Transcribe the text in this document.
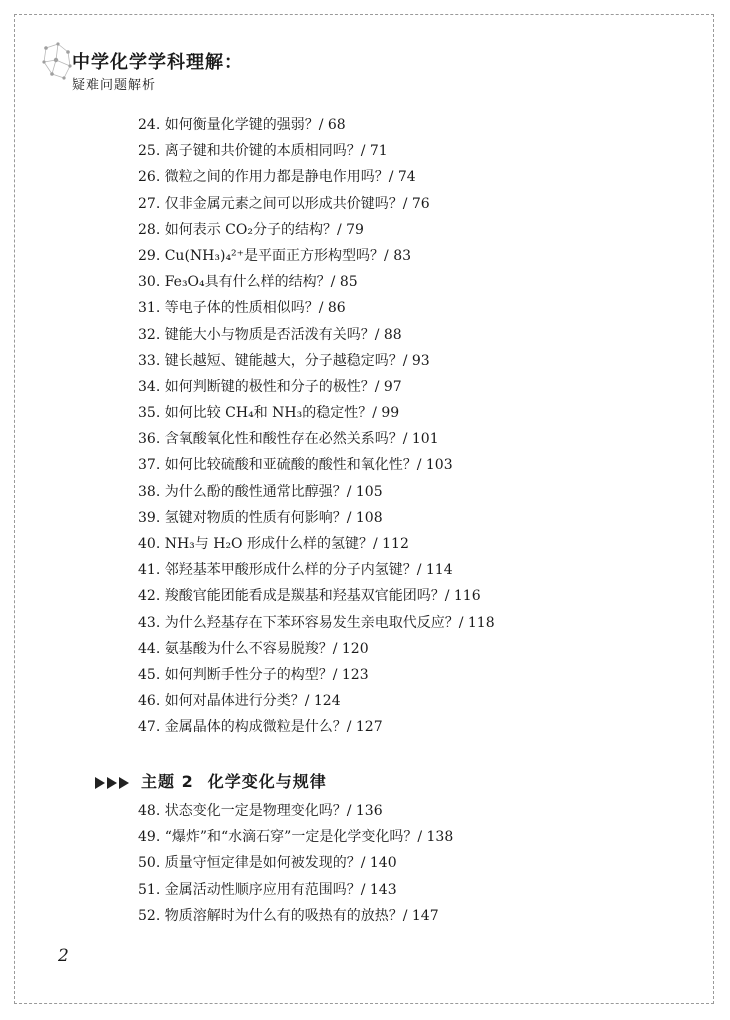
中学化学学科理解：
疑难问题解析
24. 如何衡量化学键的强弱？/ 68
25. 离子键和共价键的本质相同吗？/ 71
26. 微粒之间的作用力都是静电作用吗？/ 74
27. 仅非金属元素之间可以形成共价键吗？/ 76
28. 如何表示 CO₂分子的结构？/ 79
29. Cu(NH₃)₄²⁺是平面正方形构型吗？/ 83
30. Fe₃O₄具有什么样的结构？/ 85
31. 等电子体的性质相似吗？/ 86
32. 键能大小与物质是否活泼有关吗？/ 88
33. 键长越短、键能越大，分子越稳定吗？/ 93
34. 如何判断键的极性和分子的极性？/ 97
35. 如何比较 CH₄和 NH₃的稳定性？/ 99
36. 含氧酸氧化性和酸性存在必然关系吗？/ 101
37. 如何比较硫酸和亚硫酸的酸性和氧化性？/ 103
38. 为什么酚的酸性通常比醇强？/ 105
39. 氢键对物质的性质有何影响？/ 108
40. NH₃与 H₂O 形成什么样的氢键？/ 112
41. 邻羟基苯甲酸形成什么样的分子内氢键？/ 114
42. 羧酸官能团能看成是羰基和羟基双官能团吗？/ 116
43. 为什么羟基存在下苯环容易发生亲电取代反应？/ 118
44. 氨基酸为什么不容易脱羧？/ 120
45. 如何判断手性分子的构型？/ 123
46. 如何对晶体进行分类？/ 124
47. 金属晶体的构成微粒是什么？/ 127
主题 2 化学变化与规律
48. 状态变化一定是物理变化吗？/ 136
49. “爆炸”和“水滴石穿”一定是化学变化吗？/ 138
50. 质量守恒定律是如何被发现的？/ 140
51. 金属活动性顺序应用有范围吗？/ 143
52. 物质溶解时为什么有的吸热有的放热？/ 147
2
